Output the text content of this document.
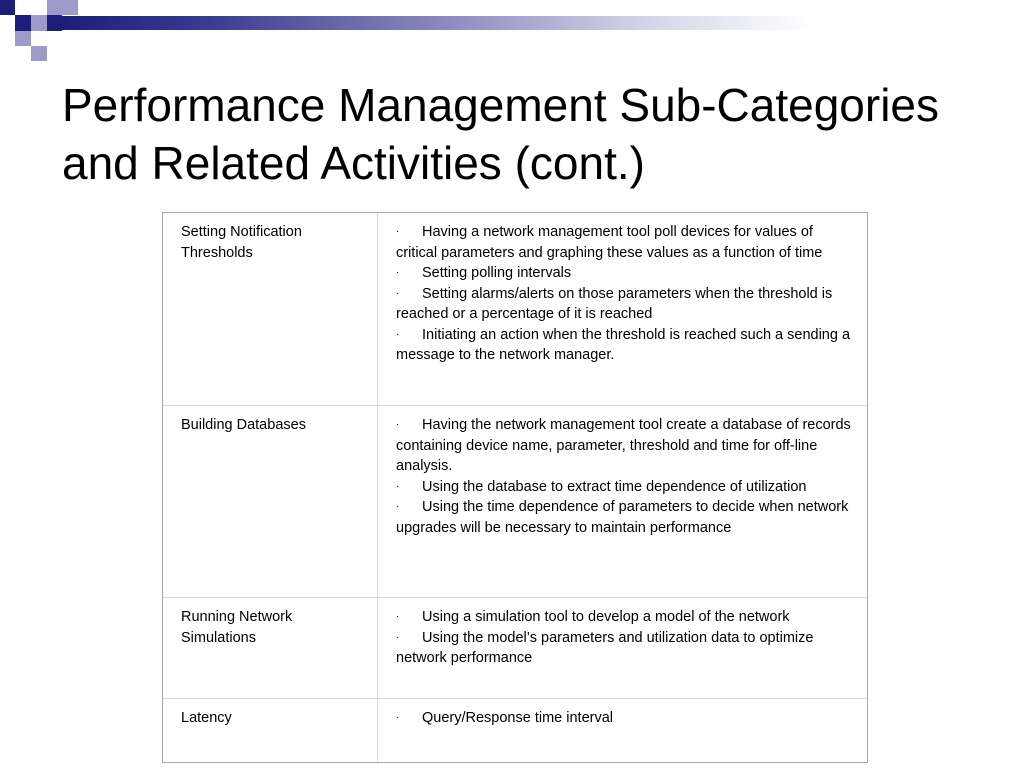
Performance Management Sub-Categories and Related Activities (cont.)
Setting Notification Thresholds

· Having a network management tool poll devices for values of critical parameters and graphing these values as a function of time

· Setting polling intervals

· Setting alarms/alerts on those parameters when the threshold is reached or a percentage of it is reached

· Initiating an action when the threshold is reached such a sending a message to the network manager.

Building Databases	· Having the network management tool create a database of records containing device name, parameter, threshold and time for off-line analysis.

· Using the database to extract time dependence of utilization

· Using the time dependence of parameters to decide when network upgrades will be necessary to maintain performance

Running Network Simulations

· Using a simulation tool to develop a model of the network

· Using the model’s parameters and utilization data to optimize network performance

Latency	· Query/Response time interval
